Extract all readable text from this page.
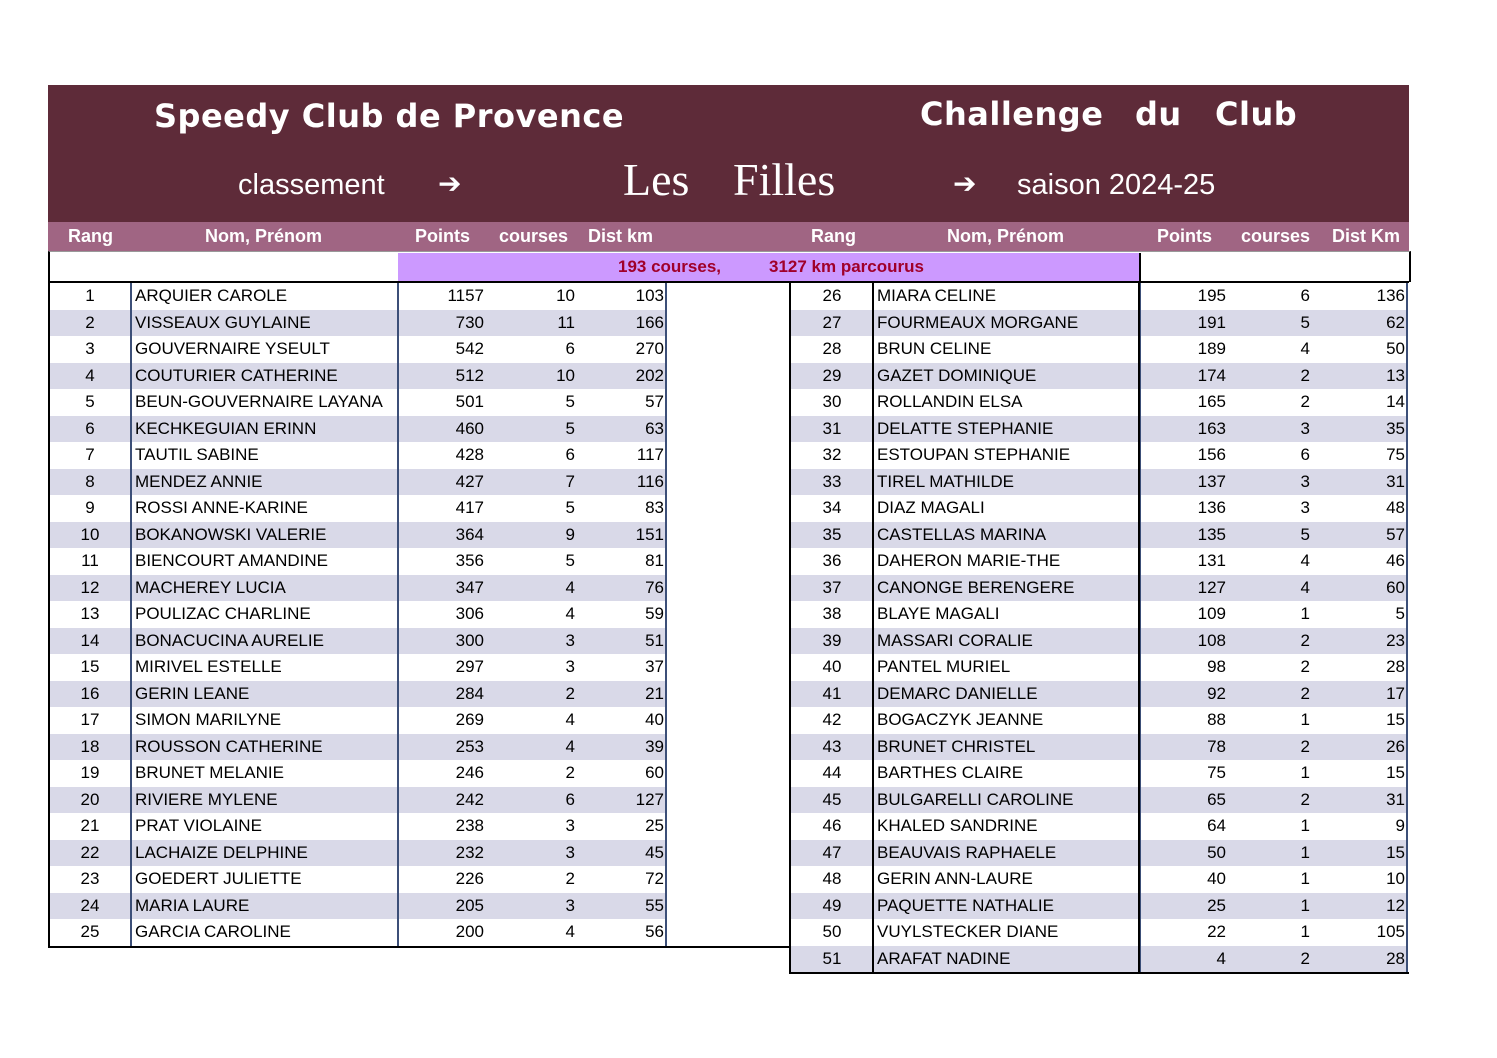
Speedy Club de Provence	Challenge du Club
classement ➔	Les Filles	➔ saison 2024-25
Rang	Nom, Prénom	Points courses Dist km	Rang	Nom, Prénom	Points courses Dist Km
193 courses,	3127 km parcourus
1	ARQUIER CAROLE	1157	10	103
2	VISSEAUX GUYLAINE	730	11	166
3	GOUVERNAIRE YSEULT	542	6	270
4	COUTURIER CATHERINE	512	10	202
5	BEUN-GOUVERNAIRE LAYANA	501	5	57
6	KECHKEGUIAN ERINN	460	5	63
7	TAUTIL SABINE	428	6	117
8	MENDEZ ANNIE	427	7	116
9	ROSSI ANNE-KARINE	417	5	83
10	BOKANOWSKI VALERIE	364	9	151
11	BIENCOURT AMANDINE	356	5	81
12	MACHEREY LUCIA	347	4	76
13	POULIZAC CHARLINE	306	4	59
14	BONACUCINA AURELIE	300	3	51
15	MIRIVEL ESTELLE	297	3	37
16	GERIN LEANE	284	2	21
17	SIMON MARILYNE	269	4	40
18	ROUSSON CATHERINE	253	4	39
19	BRUNET MELANIE	246	2	60
20	RIVIERE MYLENE	242	6	127
21	PRAT VIOLAINE	238	3	25
22	LACHAIZE DELPHINE	232	3	45
23	GOEDERT JULIETTE	226	2	72
24	MARIA LAURE	205	3	55
25	GARCIA CAROLINE	200	4	56
26	MIARA CELINE	195	6	136
27	FOURMEAUX MORGANE	191	5	62
28	BRUN CELINE	189	4	50
29	GAZET DOMINIQUE	174	2	13
30	ROLLANDIN ELSA	165	2	14
31	DELATTE STEPHANIE	163	3	35
32	ESTOUPAN STEPHANIE	156	6	75
33	TIREL MATHILDE	137	3	31
34	DIAZ MAGALI	136	3	48
35	CASTELLAS MARINA	135	5	57
36	DAHERON MARIE-THE	131	4	46
37	CANONGE BERENGERE	127	4	60
38	BLAYE MAGALI	109	1	5
39	MASSARI CORALIE	108	2	23
40	PANTEL MURIEL	98	2	28
41	DEMARC DANIELLE	92	2	17
42	BOGACZYK JEANNE	88	1	15
43	BRUNET CHRISTEL	78	2	26
44	BARTHES CLAIRE	75	1	15
45	BULGARELLI CAROLINE	65	2	31
46	KHALED SANDRINE	64	1	9
47	BEAUVAIS RAPHAELE	50	1	15
48	GERIN ANN-LAURE	40	1	10
49	PAQUETTE NATHALIE	25	1	12
50	VUYLSTECKER DIANE	22	1	105
51	ARAFAT NADINE	4	2	28
